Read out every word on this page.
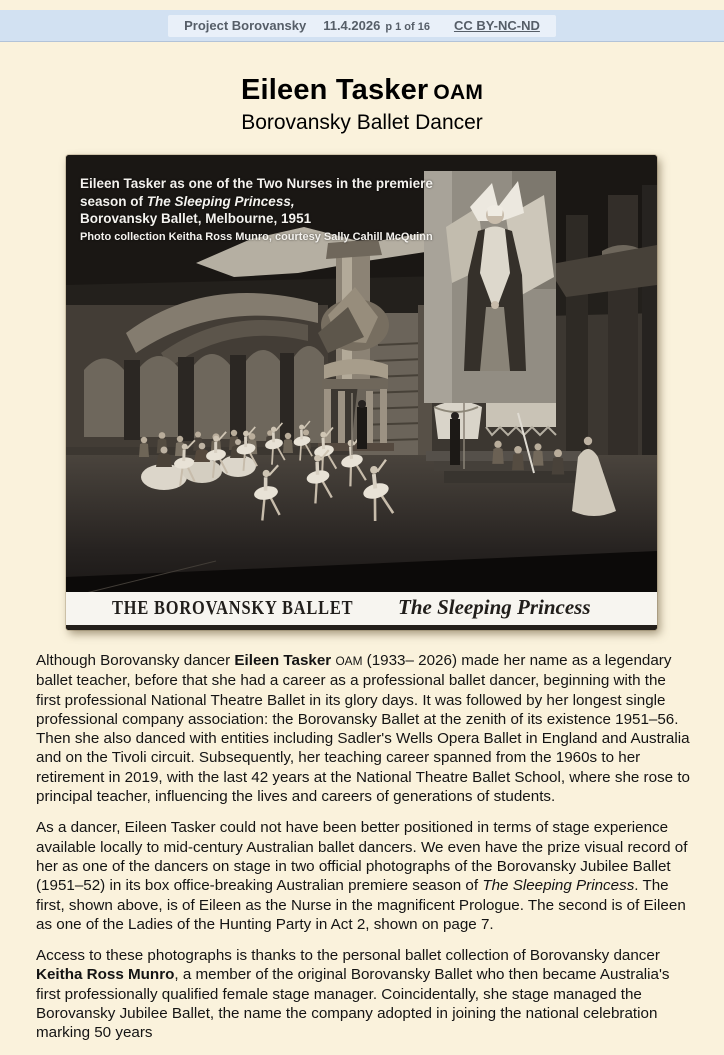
Project Borovansky 11.4.2026 p 1 of 16 CC BY-NC-ND
Eileen Tasker OAM
Borovansky Ballet Dancer
Eileen Tasker as one of the Two Nurses in the premiere
season of The Sleeping Princess,
Borovansky Ballet, Melbourne, 1951
Photo collection Keitha Ross Munro, courtesy Sally Cahill McQuinn
THE BOROVANSKY BALLET The Sleeping Princess

Although Borovansky dancer Eileen Tasker OAM (1933– 2026) made her name as a legendary ballet teacher, before that she had a career as a professional ballet dancer, beginning with the first professional National Theatre Ballet in its glory days. It was followed by her longest single professional company association: the Borovansky Ballet at the zenith of its existence 1951–56. Then she also danced with entities including Sadler's Wells Opera Ballet in England and Australia and on the Tivoli circuit. Subsequently, her teaching career spanned from the 1960s to her retirement in 2019, with the last 42 years at the National Theatre Ballet School, where she rose to principal teacher, influencing the lives and careers of generations of students.

As a dancer, Eileen Tasker could not have been better positioned in terms of stage experience available locally to mid-century Australian ballet dancers. We even have the prize visual record of her as one of the dancers on stage in two official photographs of the Borovansky Jubilee Ballet (1951–52) in its box office-breaking Australian premiere season of The Sleeping Princess. The first, shown above, is of Eileen as the Nurse in the magnificent Prologue. The second is of Eileen as one of the Ladies of the Hunting Party in Act 2, shown on page 7.

Access to these photographs is thanks to the personal ballet collection of Borovansky dancer Keitha Ross Munro, a member of the original Borovansky Ballet who then became Australia's first professionally qualified female stage manager. Coincidentally, she stage managed the Borovansky Jubilee Ballet, the name the company adopted in joining the national celebration marking 50 years
